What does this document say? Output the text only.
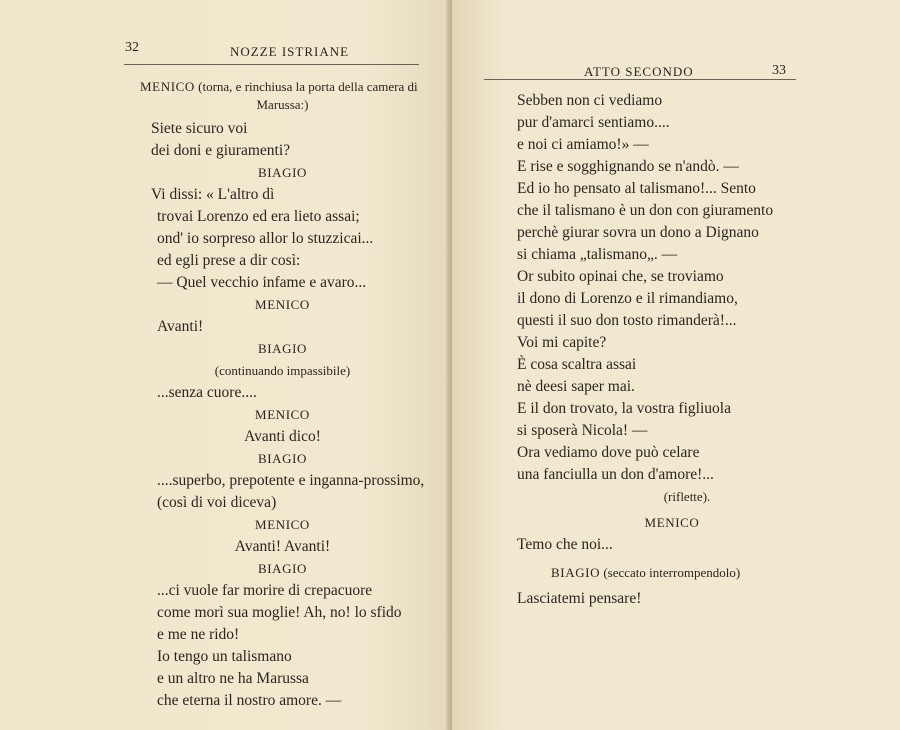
32	NOZZE ISTRIANE
MENICO (torna, e rinchiusa la porta della camera di
Marussa:)
Siete sicuro voi
dei doni e giuramenti?
BIAGIO
Vi dissi: « L'altro dì
trovai Lorenzo ed era lieto assai;
ond' io sorpreso allor lo stuzzicai...
ed egli prese a dir così:
— Quel vecchio infame e avaro...
MENICO
Avanti!
BIAGIO
(continuando impassibile)
...senza cuore....
MENICO
Avanti dico!
BIAGIO
....superbo, prepotente e inganna-prossimo,
(così di voi diceva)
MENICO
Avanti! Avanti!
BIAGIO
...ci vuole far morire di crepacuore
come morì sua moglie! Ah, no! lo sfido
e me ne rido!
Io tengo un talismano
e un altro ne ha Marussa
che eterna il nostro amore. —
ATTO SECONDO	33
Sebben non ci vediamo
pur d'amarci sentiamo....
e noi ci amiamo!» —
E rise e sogghignando se n'andò. —
Ed io ho pensato al talismano!... Sento
che il talismano è un don con giuramento
perchè giurar sovra un dono a Dignano
si chiama „talismano„. —
Or subito opinai che, se troviamo
il dono di Lorenzo e il rimandiamo,
questi il suo don tosto rimanderà!...
Voi mi capite?
È cosa scaltra assai
nè deesi saper mai.
E il don trovato, la vostra figliuola
si sposerà Nicola! —
Ora vediamo dove può celare
una fanciulla un don d'amore!...
(riflette).
MENICO
Temo che noi...
BIAGIO (seccato interrompendolo)
Lasciatemi pensare!
